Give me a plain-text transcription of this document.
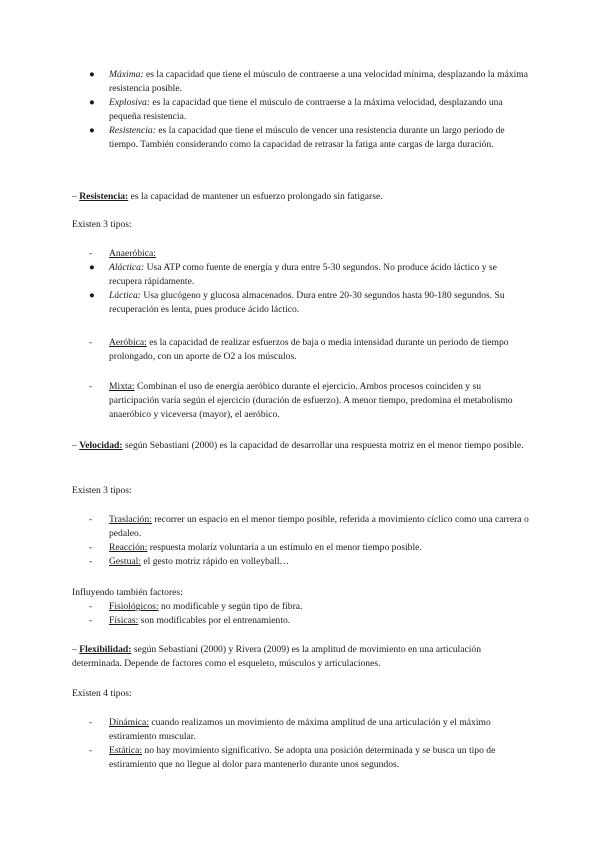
●	Máxima: es la capacidad que tiene el músculo de contraerse a una velocidad mínima, desplazando la máxima resistencia posible.
●	Explosiva: es la capacidad que tiene el músculo de contraerse a la máxima velocidad, desplazando una pequeña resistencia.
●	Resistencia: es la capacidad que tiene el músculo de vencer una resistencia durante un largo periodo de tiempo. También considerando como la capacidad de retrasar la fatiga ante cargas de larga duración.

– Resistencia: es la capacidad de mantener un esfuerzo prolongado sin fatigarse.

Existen 3 tipos:

-	Anaeróbica:
●	Aláctica: Usa ATP como fuente de energía y dura entre 5-30 segundos. No produce ácido láctico y se recupera rápidamente.
●	Láctica: Usa glucógeno y glucosa almacenados. Dura entre 20-30 segundos hasta 90-180 segundos. Su recuperación es lenta, pues produce ácido láctico.
-	Aeróbica: es la capacidad de realizar esfuerzos de baja o media intensidad durante un periodo de tiempo prolongado, con un aporte de O2 a los músculos.
-	Mixta: Combinan el uso de energía aeróbico durante el ejercicio. Ambos procesos coinciden y su participación varía según el ejercicio (duración de esfuerzo). A menor tiempo, predomina el metabolismo anaeróbico y viceversa (mayor), el aeróbico.

– Velocidad: según Sebastiani (2000) es la capacidad de desarrollar una respuesta motriz en el menor tiempo posible.

Existen 3 tipos:

-	Traslación: recorrer un espacio en el menor tiempo posible, referida a movimiento cíclico como una carrera o pedaleo.
-	Reacción: respuesta molariz voluntaria a un estímulo en el menor tiempo posible.
-	Gestual: el gesto motriz rápido en volleyball…

Influyendo también factores:

-	Fisiológicos: no modificable y según tipo de fibra.
-	Físicas: son modificables por el entrenamiento.

– Flexibilidad: según Sebastiani (2000) y Rivera (2009) es la amplitud de movimiento en una articulación determinada. Depende de factores como el esqueleto, músculos y articulaciones.

Existen 4 tipos:

-	Dinámica: cuando realizamos un movimiento de máxima amplitud de una articulación y el máximo estiramiento muscular.
-	Estática: no hay movimiento significativo. Se adopta una posición determinada y se busca un tipo de estiramiento que no llegue al dolor para mantenerlo durante unos segundos.
